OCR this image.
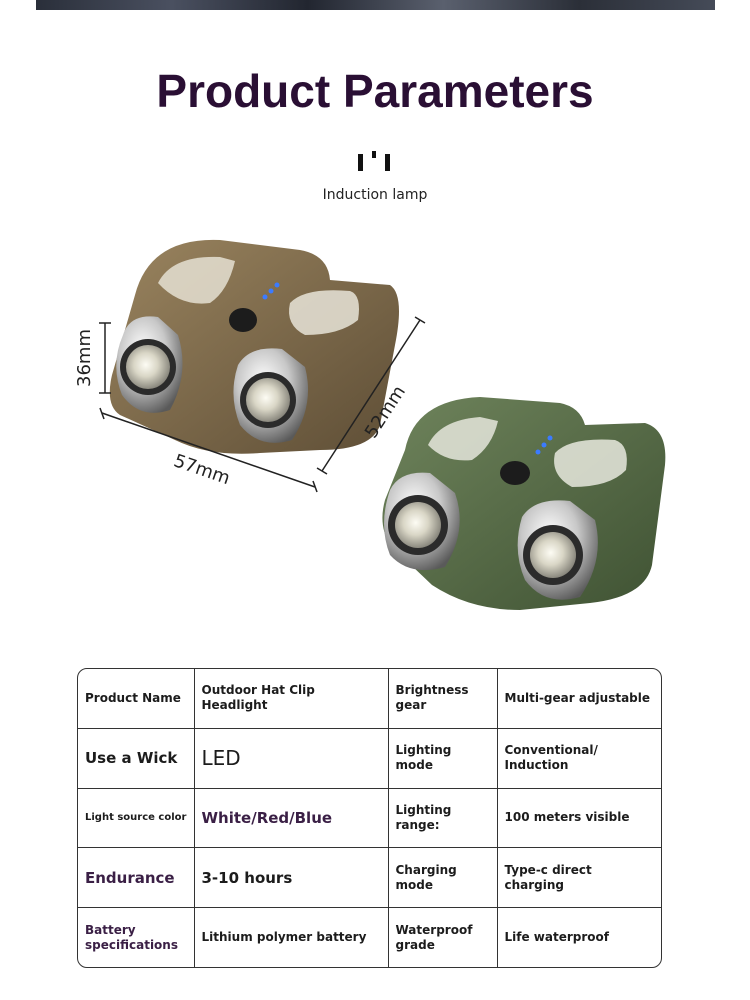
Product Parameters
Induction lamp
36mm
57mm
52mm
Product Name	Outdoor Hat Clip Headlight	Brightness gear	Multi-gear adjustable
Use a Wick	LED	Lighting mode	Conventional/ Induction
Light source color	White/Red/Blue	Lighting range:	100 meters visible
Endurance	3-10 hours	Charging mode	Type-c direct charging
Battery specifications	Lithium polymer battery	Waterproof grade	Life waterproof
